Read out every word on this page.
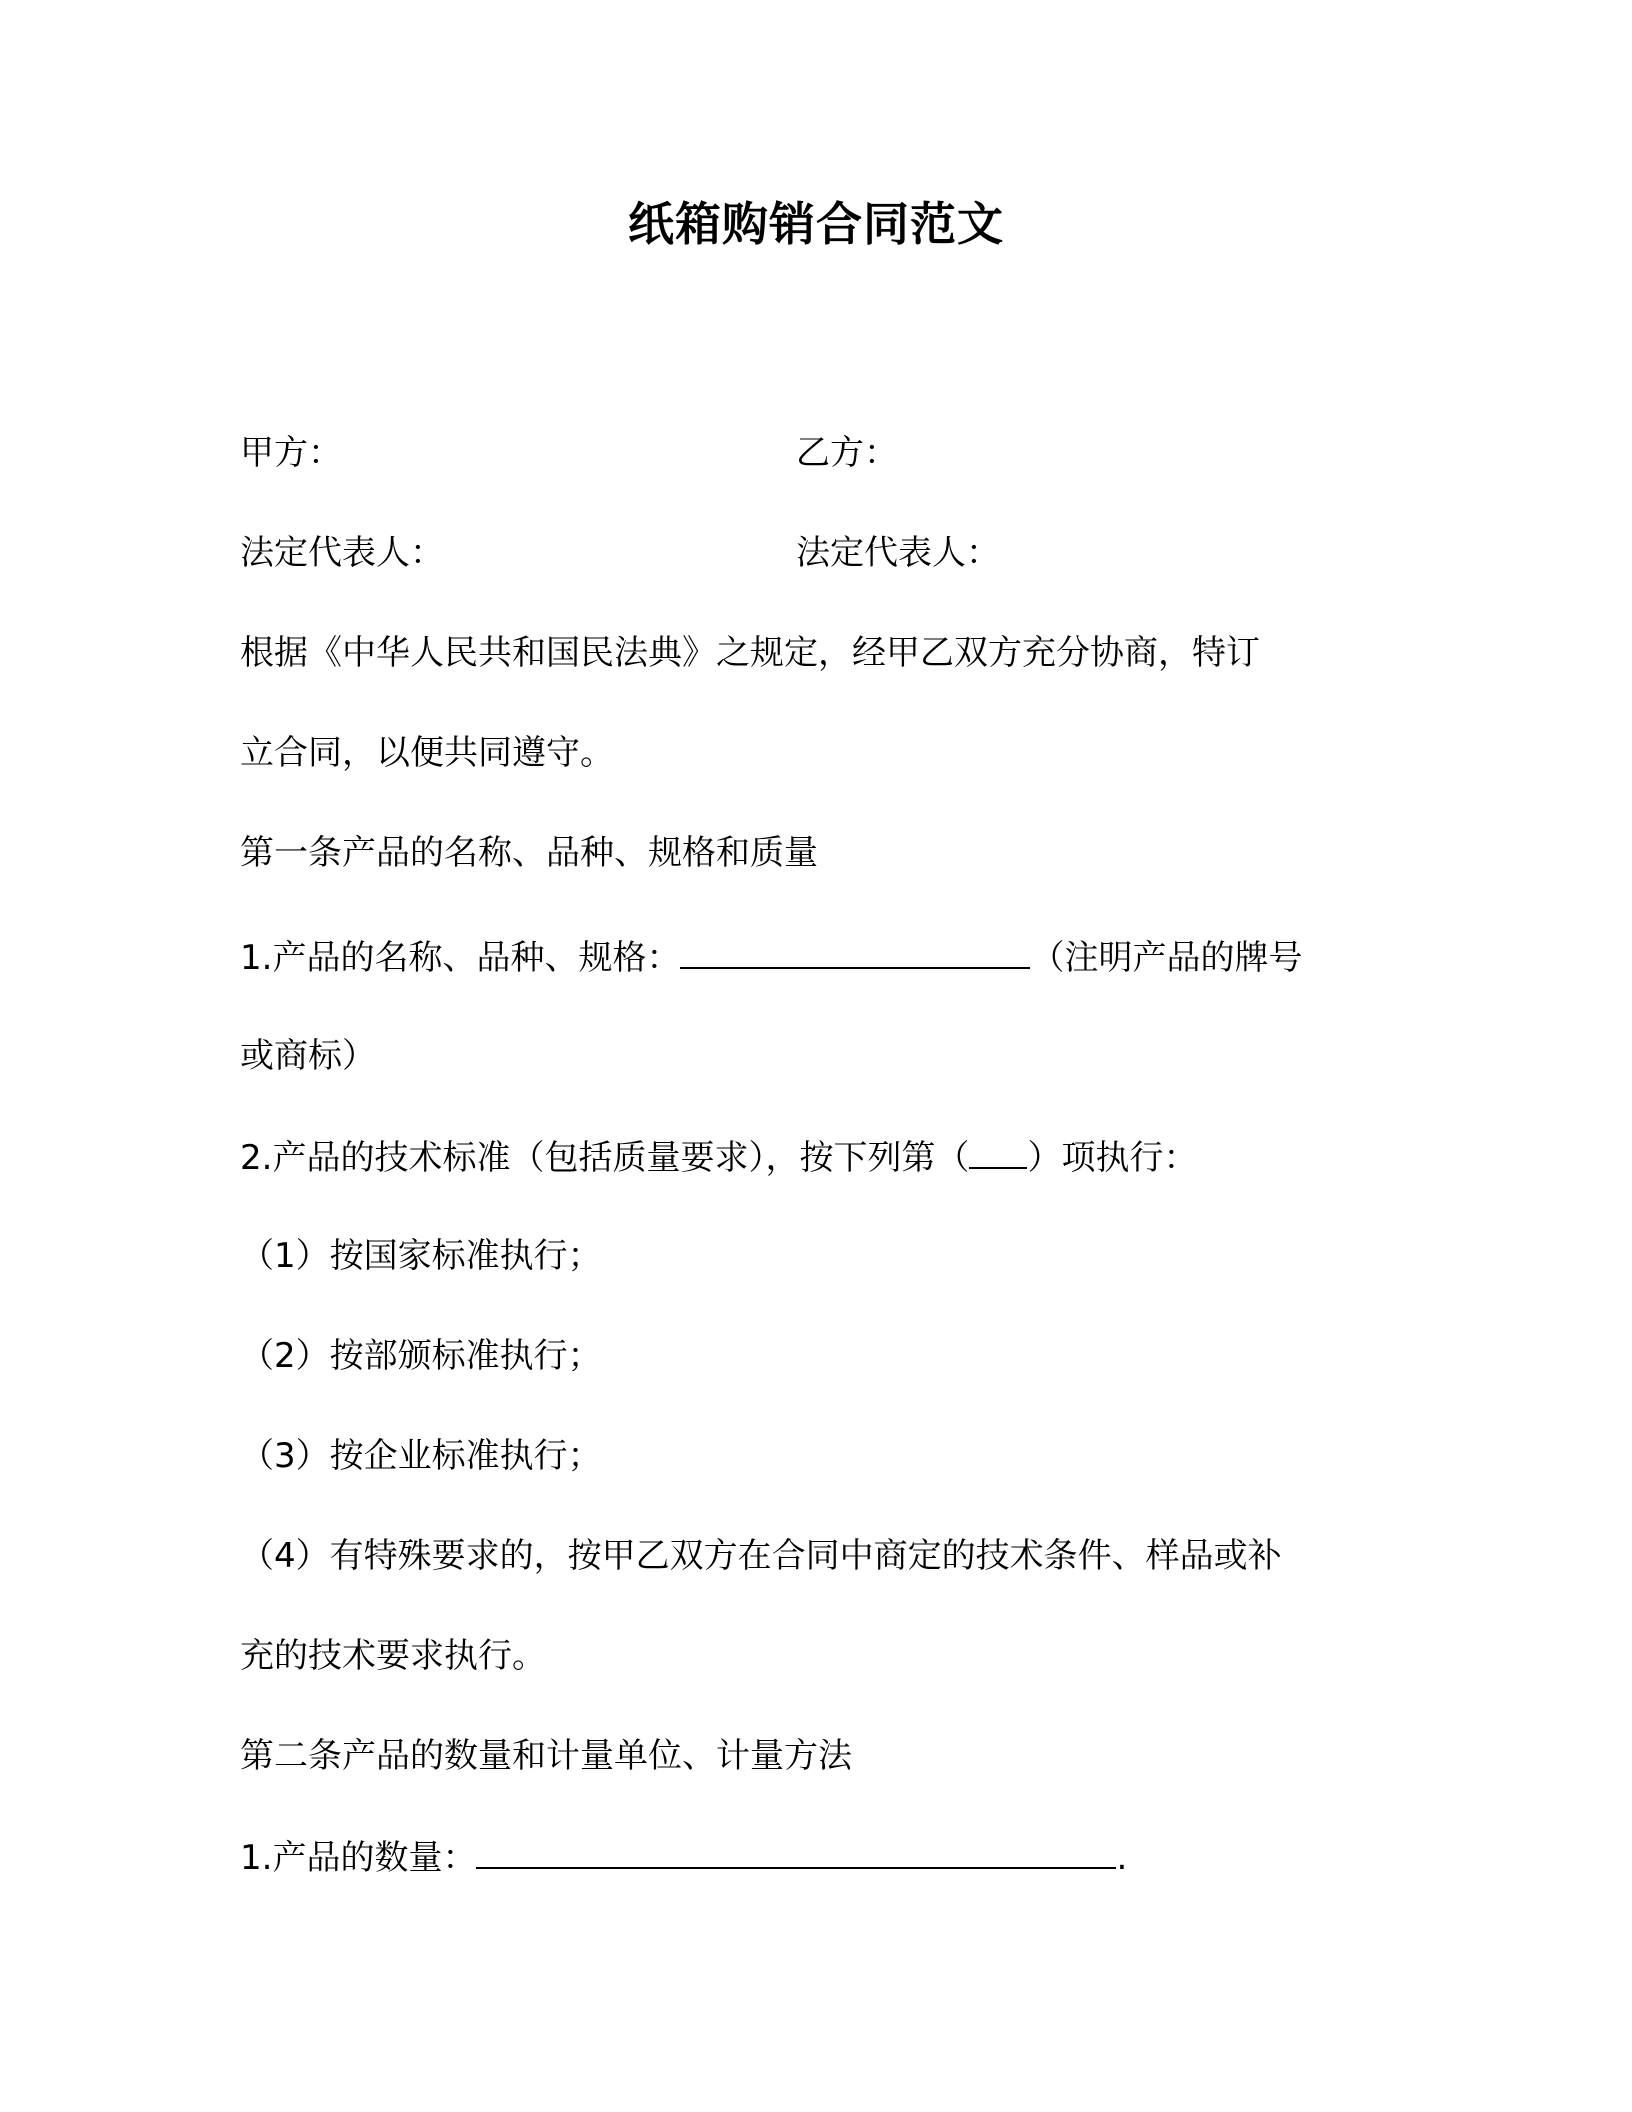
纸箱购销合同范文
甲方：	乙方：
法定代表人：	法定代表人：
根据《中华人民共和国民法典》之规定，经甲乙双方充分协商，特订
立合同，以便共同遵守。
第一条产品的名称、品种、规格和质量
1.产品的名称、品种、规格：	（注明产品的牌号
或商标）
2.产品的技术标准（包括质量要求），按下列第（ ）项执行：
（1）按国家标准执行；
（2）按部颁标准执行；
（3）按企业标准执行；
（4）有特殊要求的，按甲乙双方在合同中商定的技术条件、样品或补
充的技术要求执行。
第二条产品的数量和计量单位、计量方法
1.产品的数量：	.
